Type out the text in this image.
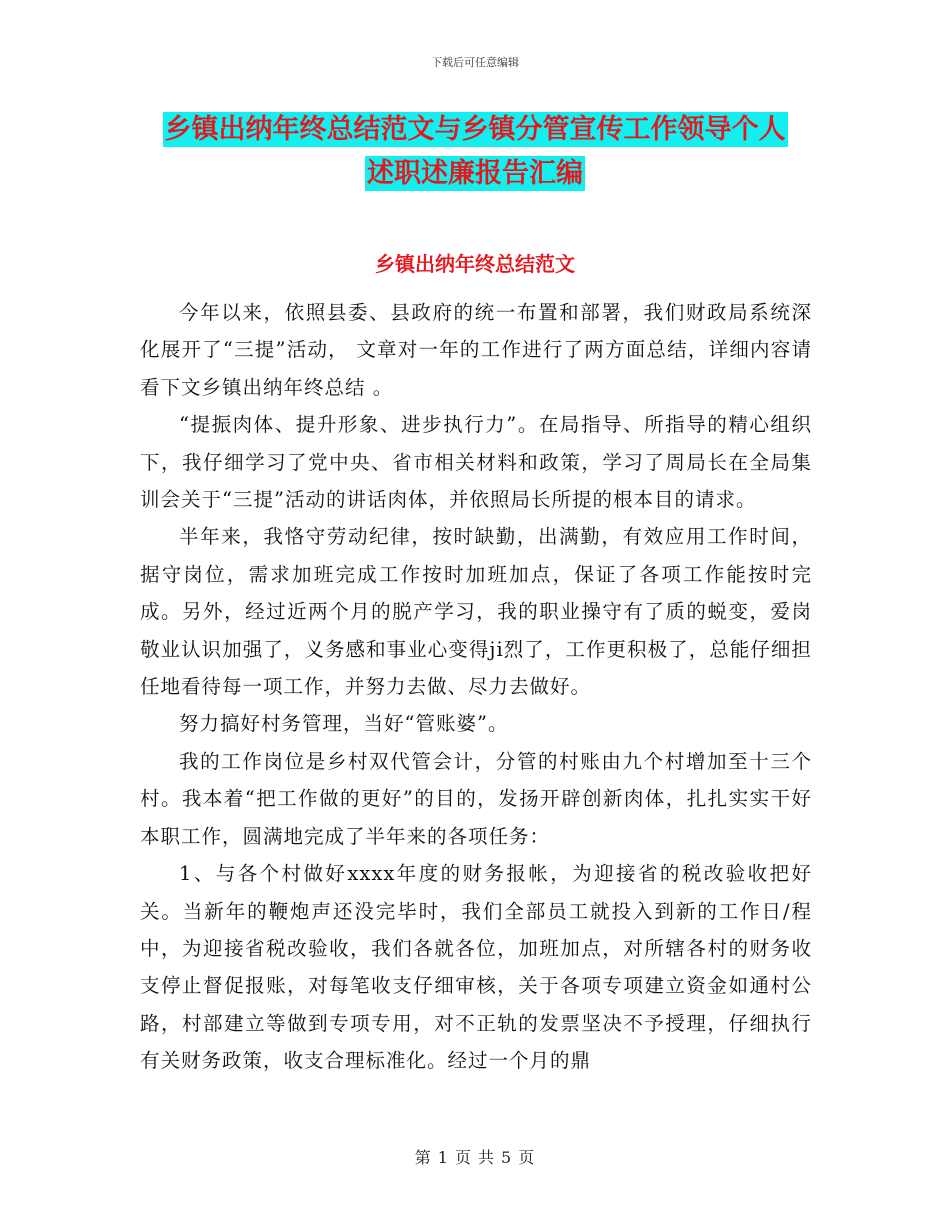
下载后可任意编辑
乡镇出纳年终总结范文与乡镇分管宣传工作领导个人
述职述廉报告汇编
乡镇出纳年终总结范文

今年以来，依照县委、县政府的统一布置和部署，我们财政局系统深化展开了“三提”活动， 文章对一年的工作进行了两方面总结，详细内容请看下文乡镇出纳年终总结 。

“提振肉体、提升形象、进步执行力”。在局指导、所指导的精心组织下，我仔细学习了党中央、省市相关材料和政策，学习了周局长在全局集训会关于“三提”活动的讲话肉体，并依照局长所提的根本目的请求。

半年来，我恪守劳动纪律，按时缺勤，出满勤，有效应用工作时间，据守岗位，需求加班完成工作按时加班加点，保证了各项工作能按时完成。另外，经过近两个月的脱产学习，我的职业操守有了质的蜕变，爱岗敬业认识加强了，义务感和事业心变得ji烈了，工作更积极了，总能仔细担任地看待每一项工作，并努力去做、尽力去做好。

努力搞好村务管理，当好“管账婆”。

我的工作岗位是乡村双代管会计，分管的村账由九个村增加至十三个村。我本着“把工作做的更好”的目的，发扬开辟创新肉体，扎扎实实干好本职工作，圆满地完成了半年来的各项任务：

1、与各个村做好xxxx年度的财务报帐，为迎接省的税改验收把好关。当新年的鞭炮声还没完毕时，我们全部员工就投入到新的工作日/程中，为迎接省税改验收，我们各就各位，加班加点，对所辖各村的财务收支停止督促报账，对每笔收支仔细审核，关于各项专项建立资金如通村公路，村部建立等做到专项专用，对不正轨的发票坚决不予授理，仔细执行有关财务政策，收支合理标准化。经过一个月的鼎

第 1 页 共 5 页
